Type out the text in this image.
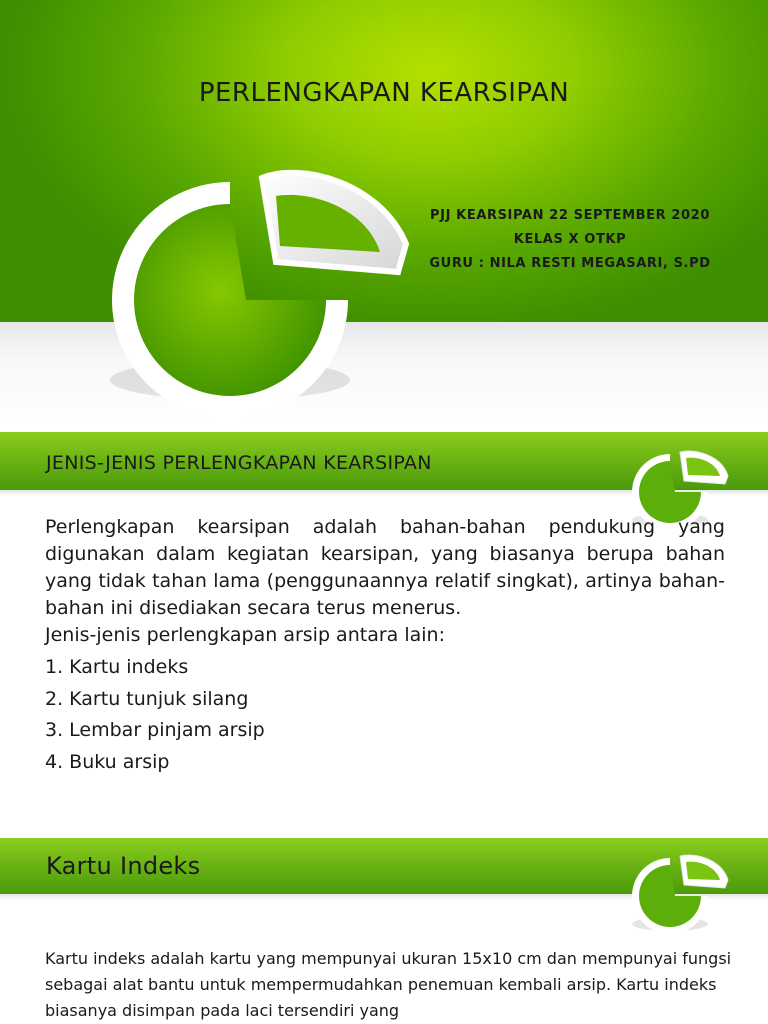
PERLENGKAPAN KEARSIPAN
PJJ KEARSIPAN 22 SEPTEMBER 2020
KELAS X OTKP
GURU : NILA RESTI MEGASARI, S.PD
JENIS-JENIS PERLENGKAPAN KEARSIPAN
Perlengkapan kearsipan adalah bahan-bahan pendukung yang digunakan dalam kegiatan kearsipan, yang biasanya berupa bahan yang tidak tahan lama (penggunaannya relatif singkat), artinya bahan-bahan ini disediakan secara terus menerus.
Jenis-jenis perlengkapan arsip antara lain:
1. Kartu indeks
2. Kartu tunjuk silang
3. Lembar pinjam arsip
4. Buku arsip
Kartu Indeks
Kartu indeks adalah kartu yang mempunyai ukuran 15x10 cm dan mempunyai fungsi sebagai alat bantu untuk mempermudahkan penemuan kembali arsip. Kartu indeks biasanya disimpan pada laci tersendiri yang
